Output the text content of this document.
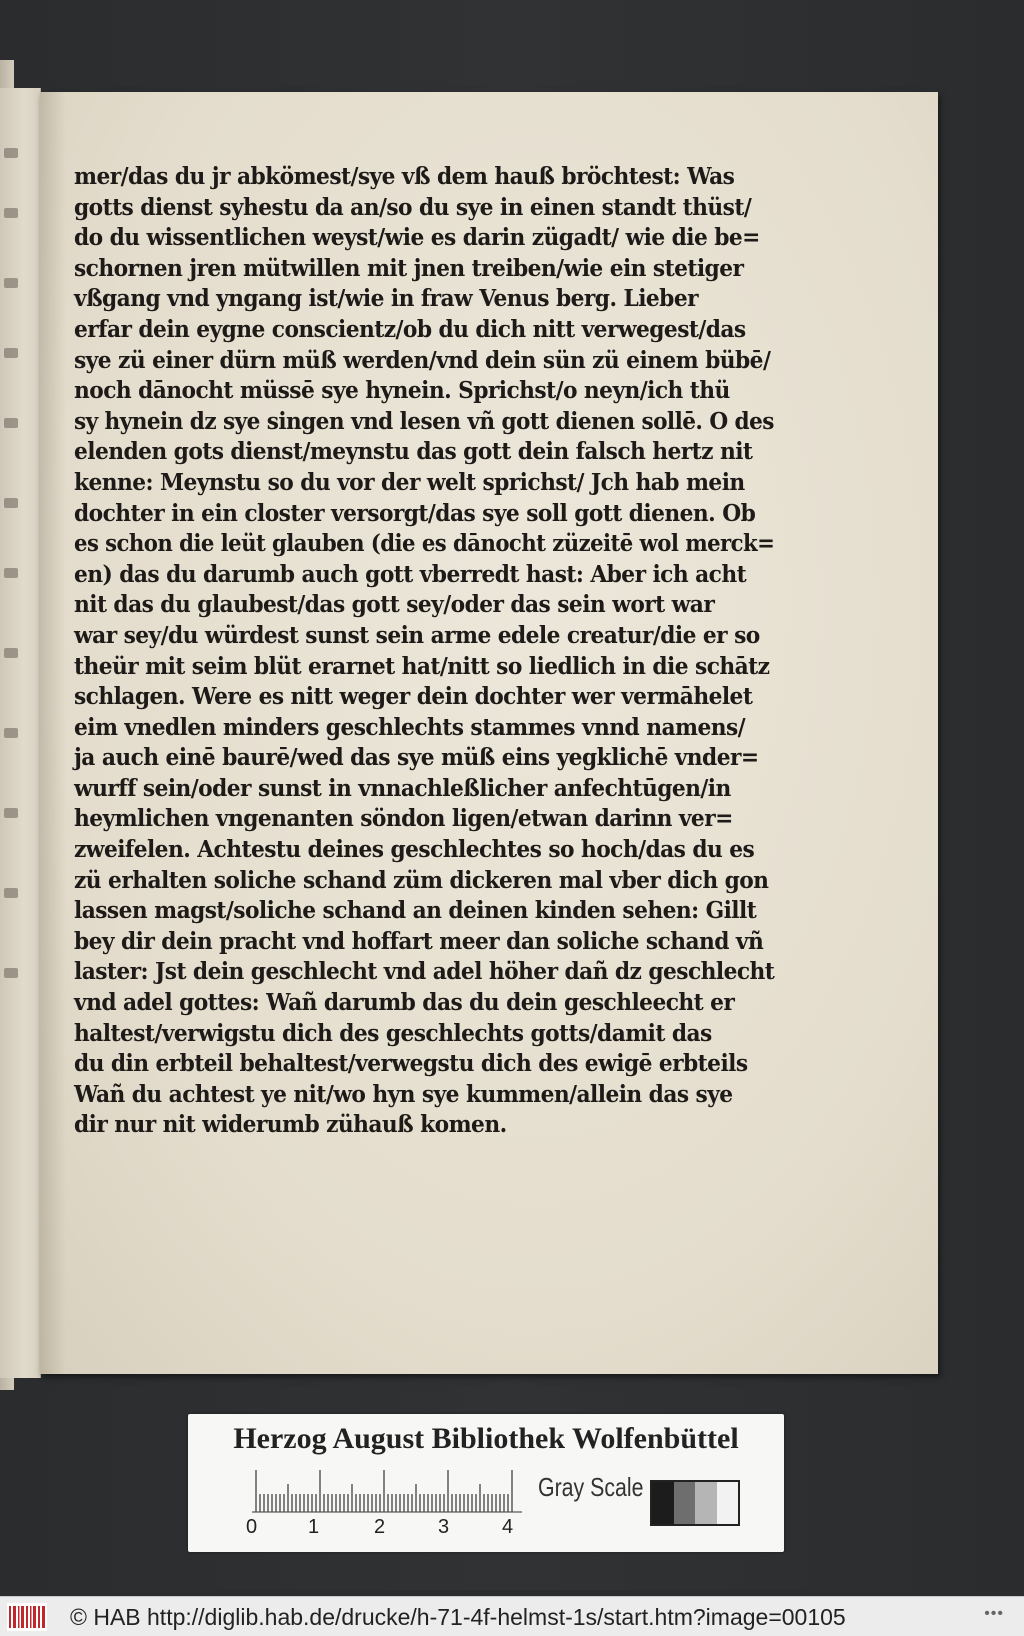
mer/das du jr abkömest/sye vß dem hauß bröchtest: Was
gotts dienst syhestu da an/so du sye in einen standt thüst/
do du wissentlichen weyst/wie es darin zügadt/ wie die be=
schornen jren mütwillen mit jnen treiben/wie ein stetiger
vßgang vnd yngang ist/wie in fraw Venus berg. Lieber
erfar dein eygne conscientz/ob du dich nitt verwegest/das
sye zü einer dürn müß werden/vnd dein sün zü einem bübē/
noch dānocht müssē sye hynein. Sprichst/o neyn/ich thü
sy hynein dz sye singen vnd lesen vñ gott dienen sollē. O des
elenden gots dienst/meynstu das gott dein falsch hertz nit
kenne: Meynstu so du vor der welt sprichst/ Jch hab mein
dochter in ein closter versorgt/das sye soll gott dienen. Ob
es schon die leüt glauben (die es dānocht züzeitē wol merck=
en) das du darumb auch gott vberredt hast: Aber ich acht
nit das du glaubest/das gott sey/oder das sein wort war
war sey/du würdest sunst sein arme edele creatur/die er so
theür mit seim blüt erarnet hat/nitt so liedlich in die schātz
schlagen. Were es nitt weger dein dochter wer vermāhelet
eim vnedlen minders geschlechts stammes vnnd namens/
ja auch einē baurē/wed das sye müß eins yegklichē vnder=
wurff sein/oder sunst in vnnachleßlicher anfechtūgen/in
heymlichen vngenanten söndon ligen/etwan darinn ver=
zweifelen. Achtestu deines geschlechtes so hoch/das du es
zü erhalten soliche schand züm dickeren mal vber dich gon
lassen magst/soliche schand an deinen kinden sehen: Gillt
bey dir dein pracht vnd hoffart meer dan soliche schand vñ
laster: Jst dein geschlecht vnd adel höher dañ dz geschlecht
vnd adel gottes: Wañ darumb das du dein geschleecht er
haltest/verwigstu dich des geschlechts gotts/damit das
du din erbteil behaltest/verwegstu dich des ewigē erbteils
Wañ du achtest ye nit/wo hyn sye kummen/allein das sye
dir nur nit widerumb zühauß komen.
Herzog August Bibliothek Wolfenbüttel
0	1	2	3	4
Gray Scale
© HAB http://diglib.hab.de/drucke/h-71-4f-helmst-1s/start.htm?image=00105	•••
